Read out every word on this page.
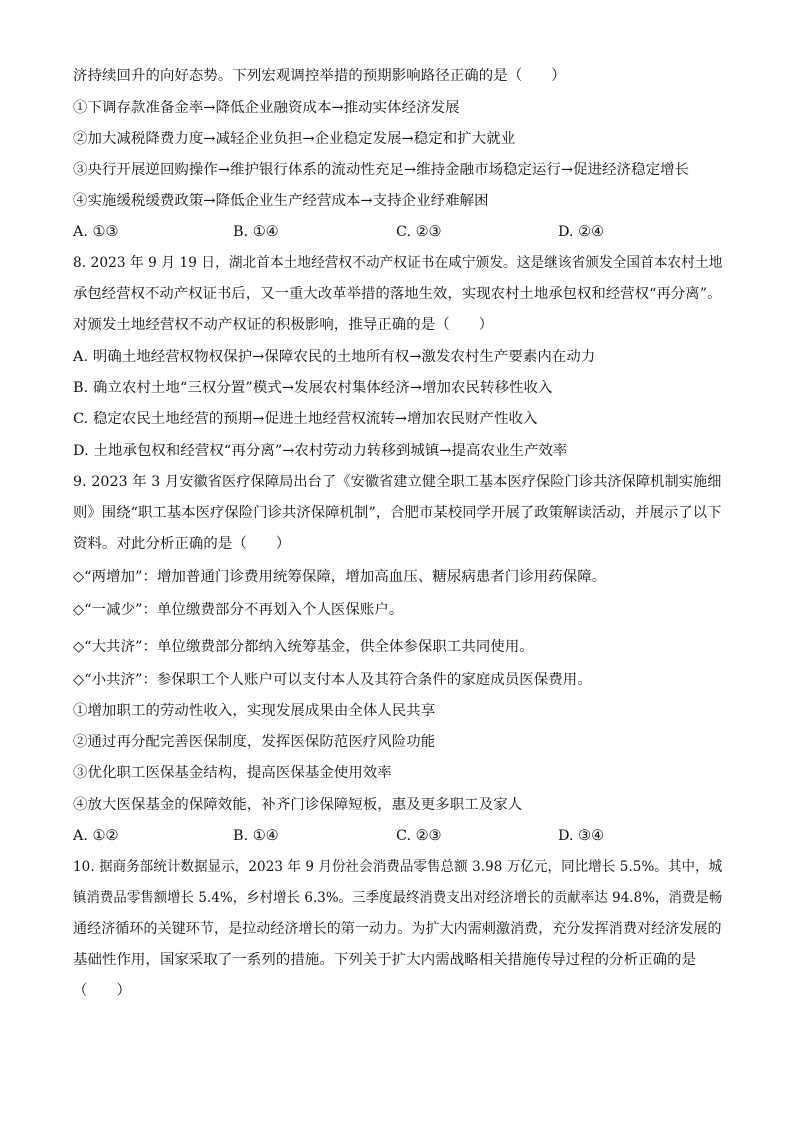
济持续回升的向好态势。下列宏观调控举措的预期影响路径正确的是（　　）
①下调存款准备金率→降低企业融资成本→推动实体经济发展
②加大减税降费力度→减轻企业负担→企业稳定发展→稳定和扩大就业
③央行开展逆回购操作→维护银行体系的流动性充足→维持金融市场稳定运行→促进经济稳定增长
④实施缓税缓费政策→降低企业生产经营成本→支持企业纾难解困
A. ①③	B. ①④	C. ②③	D. ②④
8. 2023 年 9 月 19 日，湖北首本土地经营权不动产权证书在咸宁颁发。这是继该省颁发全国首本农村土地
承包经营权不动产权证书后，又一重大改革举措的落地生效，实现农村土地承包权和经营权“再分离”。
对颁发土地经营权不动产权证的积极影响，推导正确的是（　　）
A. 明确土地经营权物权保护→保障农民的土地所有权→激发农村生产要素内在动力
B. 确立农村土地“三权分置”模式→发展农村集体经济→增加农民转移性收入
C. 稳定农民土地经营的预期→促进土地经营权流转→增加农民财产性收入
D. 土地承包权和经营权“再分离”→农村劳动力转移到城镇→提高农业生产效率
9. 2023 年 3 月安徽省医疗保障局出台了《安徽省建立健全职工基本医疗保险门诊共济保障机制实施细
则》围绕“职工基本医疗保险门诊共济保障机制”，合肥市某校同学开展了政策解读活动，并展示了以下
资料。对此分析正确的是（　　）
◇“两增加”：增加普通门诊费用统筹保障，增加高血压、糖尿病患者门诊用药保障。
◇“一减少”：单位缴费部分不再划入个人医保账户。
◇“大共济”：单位缴费部分都纳入统筹基金，供全体参保职工共同使用。
◇“小共济”：参保职工个人账户可以支付本人及其符合条件的家庭成员医保费用。
①增加职工的劳动性收入，实现发展成果由全体人民共享
②通过再分配完善医保制度，发挥医保防范医疗风险功能
③优化职工医保基金结构，提高医保基金使用效率
④放大医保基金的保障效能，补齐门诊保障短板，惠及更多职工及家人
A. ①②	B. ①④	C. ②③	D. ③④
10. 据商务部统计数据显示，2023 年 9 月份社会消费品零售总额 3.98 万亿元，同比增长 5.5%。其中，城
镇消费品零售额增长 5.4%，乡村增长 6.3%。三季度最终消费支出对经济增长的贡献率达 94.8%，消费是畅
通经济循环的关键环节，是拉动经济增长的第一动力。为扩大内需刺激消费，充分发挥消费对经济发展的
基础性作用，国家采取了一系列的措施。下列关于扩大内需战略相关措施传导过程的分析正确的是
（　　）
